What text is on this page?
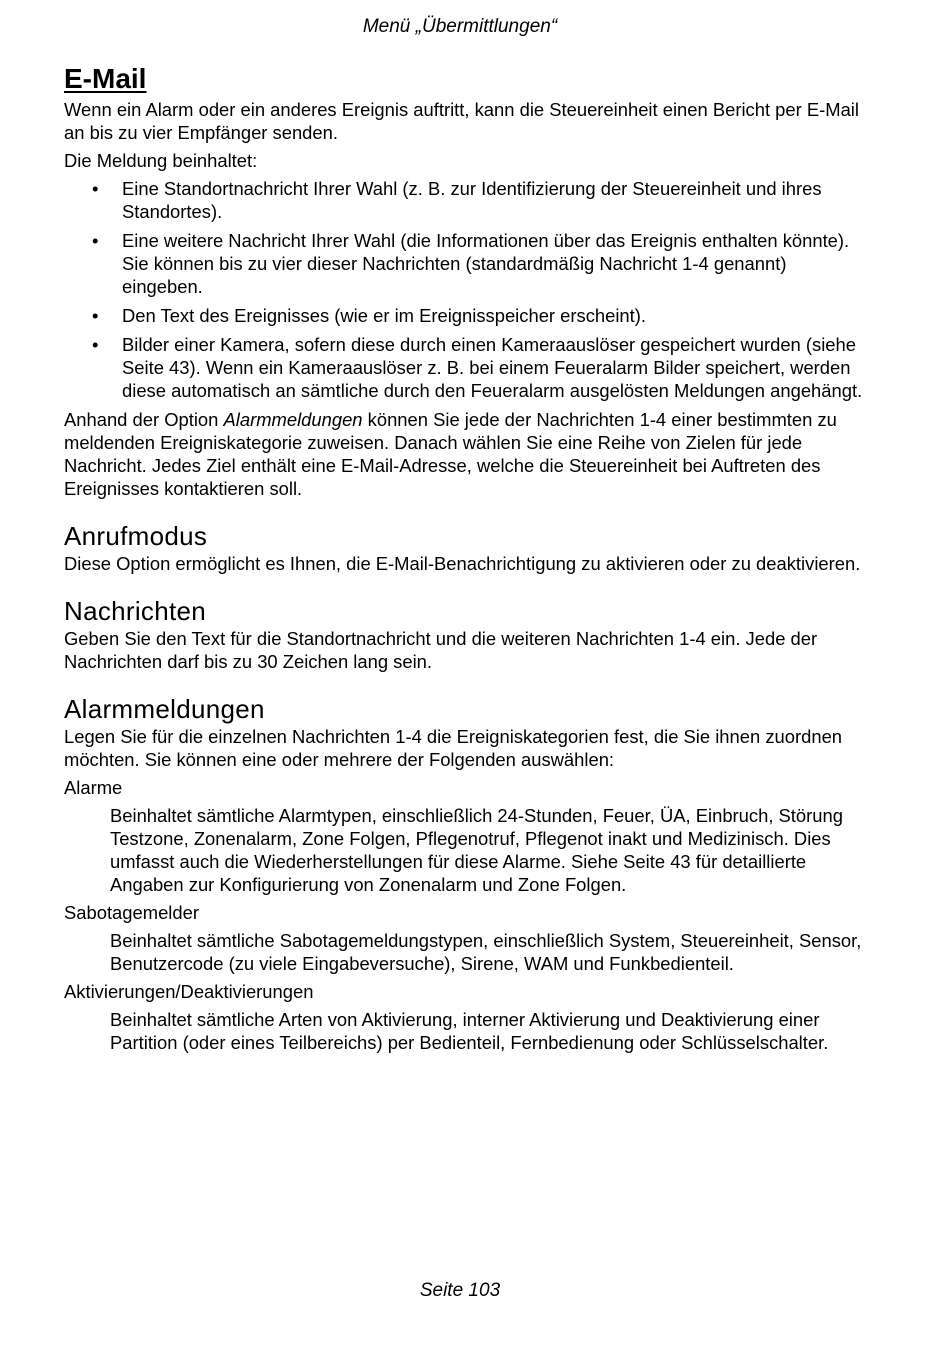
Menü „Übermittlungen“
E-Mail

Wenn ein Alarm oder ein anderes Ereignis auftritt, kann die Steuereinheit einen Bericht per E-Mail an bis zu vier Empfänger senden.

Die Meldung beinhaltet:

• Eine Standortnachricht Ihrer Wahl (z. B. zur Identifizierung der Steuereinheit und ihres Standortes).
• Eine weitere Nachricht Ihrer Wahl (die Informationen über das Ereignis enthalten könnte). Sie können bis zu vier dieser Nachrichten (standardmäßig Nachricht 1-4 genannt) eingeben.
• Den Text des Ereignisses (wie er im Ereignisspeicher erscheint).
• Bilder einer Kamera, sofern diese durch einen Kameraauslöser gespeichert wurden (siehe Seite 43). Wenn ein Kameraauslöser z. B. bei einem Feueralarm Bilder speichert, werden diese automatisch an sämtliche durch den Feueralarm ausgelösten Meldungen angehängt.

Anhand der Option Alarmmeldungen können Sie jede der Nachrichten 1-4 einer bestimmten zu meldenden Ereigniskategorie zuweisen. Danach wählen Sie eine Reihe von Zielen für jede Nachricht. Jedes Ziel enthält eine E-Mail-Adresse, welche die Steuereinheit bei Auftreten des Ereignisses kontaktieren soll.

Anrufmodus

Diese Option ermöglicht es Ihnen, die E-Mail-Benachrichtigung zu aktivieren oder zu deaktivieren.

Nachrichten

Geben Sie den Text für die Standortnachricht und die weiteren Nachrichten 1-4 ein. Jede der Nachrichten darf bis zu 30 Zeichen lang sein.

Alarmmeldungen

Legen Sie für die einzelnen Nachrichten 1-4 die Ereigniskategorien fest, die Sie ihnen zuordnen möchten. Sie können eine oder mehrere der Folgenden auswählen:

Alarme
Beinhaltet sämtliche Alarmtypen, einschließlich 24-Stunden, Feuer, ÜA, Einbruch, Störung Testzone, Zonenalarm, Zone Folgen, Pflegenotruf, Pflegenot inakt und Medizinisch. Dies umfasst auch die Wiederherstellungen für diese Alarme. Siehe Seite 43 für detaillierte Angaben zur Konfigurierung von Zonenalarm und Zone Folgen.
Sabotagemelder
Beinhaltet sämtliche Sabotagemeldungstypen, einschließlich System, Steuereinheit, Sensor, Benutzercode (zu viele Eingabeversuche), Sirene, WAM und Funkbedienteil.
Aktivierungen/Deaktivierungen
Beinhaltet sämtliche Arten von Aktivierung, interner Aktivierung und Deaktivierung einer Partition (oder eines Teilbereichs) per Bedienteil, Fernbedienung oder Schlüsselschalter.
Seite 103
